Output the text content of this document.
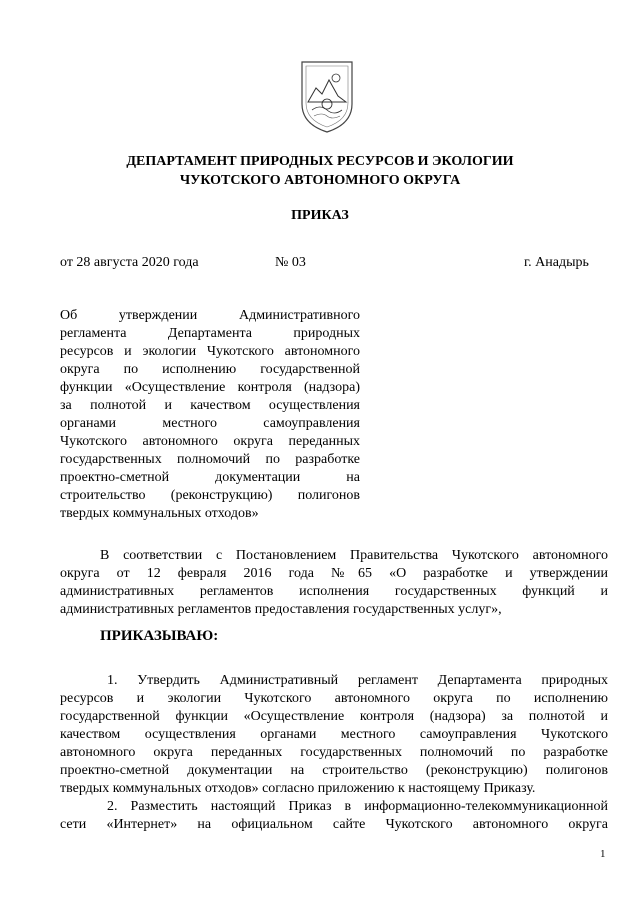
ДЕПАРТАМЕНТ ПРИРОДНЫХ РЕСУРСОВ И ЭКОЛОГИИ
ЧУКОТСКОГО АВТОНОМНОГО ОКРУГА
ПРИКАЗ
от 28 августа 2020 года	№ 03	г. Анадырь
Об утверждении Административного
регламента Департамента природных
ресурсов и экологии Чукотского автономного
округа по исполнению государственной
функции «Осуществление контроля (надзора)
за полнотой и качеством осуществления
органами местного самоуправления
Чукотского автономного округа переданных
государственных полномочий по разработке
проектно-сметной документации на
строительство (реконструкцию) полигонов
твердых коммунальных отходов»
В соответствии с Постановлением Правительства Чукотского автономного
округа от 12 февраля 2016 года №65 «О разработке и утверждении
административных регламентов исполнения государственных функций и
административных регламентов предоставления государственных услуг»,
ПРИКАЗЫВАЮ:
1. Утвердить Административный регламент Департамента природных
ресурсов и экологии Чукотского автономного округа по исполнению
государственной функции «Осуществление контроля (надзора) за полнотой и
качеством осуществления органами местного самоуправления Чукотского
автономного округа переданных государственных полномочий по разработке
проектно-сметной документации на строительство (реконструкцию) полигонов
твердых коммунальных отходов» согласно приложению к настоящему Приказу.
2. Разместить настоящий Приказ в информационно-телекоммуникационной
сети «Интернет» на официальном сайте Чукотского автономного округа
1
